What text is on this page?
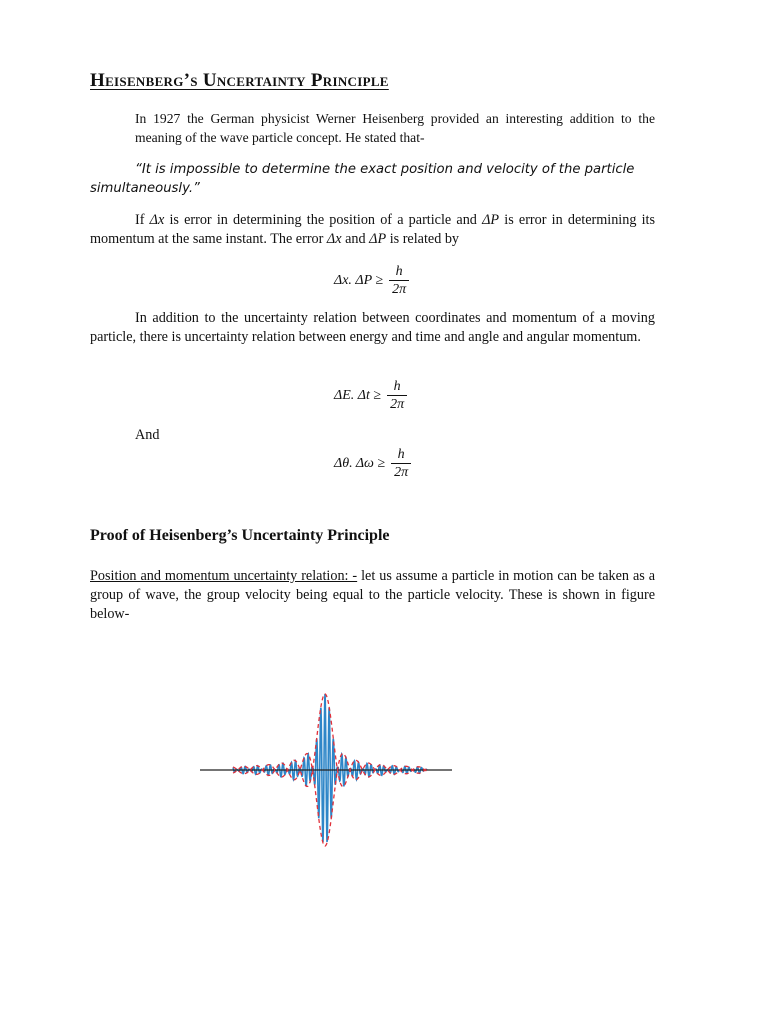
Heisenberg’s Uncertainty Principle
In 1927 the German physicist Werner Heisenberg provided an interesting addition to the meaning of the wave particle concept. He stated that-
“It is impossible to determine the exact position and velocity of the particle
simultaneously.”
If Δx is error in determining the position of a particle and ΔP is error in determining its momentum at the same instant. The error Δx and ΔP is related by
Δx. $\Delta P \ge \frac{h}{2\pi}$
In addition to the uncertainty relation between coordinates and momentum of a moving particle, there is uncertainty relation between energy and time and angle and angular momentum.
ΔE. $\Delta t \ge \frac{h}{2\pi}$
And
Δθ. $\Delta\omega \ge \frac{h}{2\pi}$
Proof of Heisenberg’s Uncertainty Principle
Position and momentum uncertainty relation: - let us assume a particle in motion can be taken as a group of wave, the group velocity being equal to the particle velocity. These is shown in figure below-
